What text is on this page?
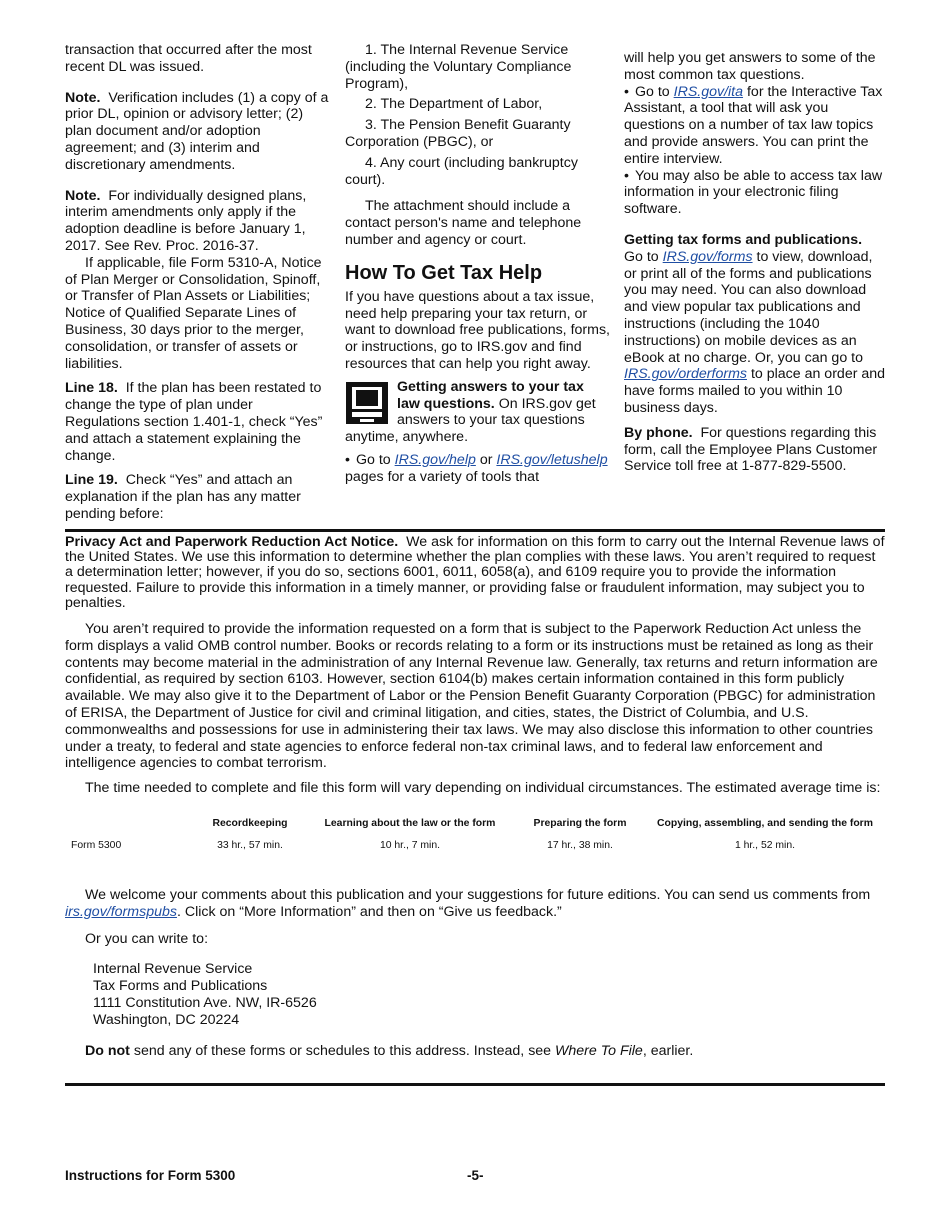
transaction that occurred after the most recent DL was issued.

Note. Verification includes (1) a copy of a prior DL, opinion or advisory letter; (2) plan document and/or adoption agreement; and (3) interim and discretionary amendments.

Note. For individually designed plans, interim amendments only apply if the adoption deadline is before January 1, 2017. See Rev. Proc. 2016-37.

If applicable, file Form 5310-A, Notice of Plan Merger or Consolidation, Spinoff, or Transfer of Plan Assets or Liabilities; Notice of Qualified Separate Lines of Business, 30 days prior to the merger, consolidation, or transfer of assets or liabilities.

Line 18. If the plan has been restated to change the type of plan under Regulations section 1.401-1, check “Yes” and attach a statement explaining the change.

Line 19. Check “Yes” and attach an explanation if the plan has any matter pending before:

1. The Internal Revenue Service (including the Voluntary Compliance Program),

2. The Department of Labor,

3. The Pension Benefit Guaranty Corporation (PBGC), or

4. Any court (including bankruptcy court).

The attachment should include a contact person's name and telephone number and agency or court.

How To Get Tax Help

If you have questions about a tax issue, need help preparing your tax return, or want to download free publications, forms, or instructions, go to IRS.gov and find resources that can help you right away.

Getting answers to your tax law questions. On IRS.gov get answers to your tax questions anytime, anywhere.

• Go to IRS.gov/help or IRS.gov/letushelp pages for a variety of tools that

will help you get answers to some of the most common tax questions.

• Go to IRS.gov/ita for the Interactive Tax Assistant, a tool that will ask you questions on a number of tax law topics and provide answers. You can print the entire interview.

• You may also be able to access tax law information in your electronic filing software.

Getting tax forms and publications.
Go to IRS.gov/forms to view, download, or print all of the forms and publications you may need. You can also download and view popular tax publications and instructions (including the 1040 instructions) on mobile devices as an eBook at no charge. Or, you can go to IRS.gov/orderforms to place an order and have forms mailed to you within 10 business days.

By phone. For questions regarding this form, call the Employee Plans Customer Service toll free at 1-877-829-5500.

Privacy Act and Paperwork Reduction Act Notice. We ask for information on this form to carry out the Internal Revenue laws of the United States. We use this information to determine whether the plan complies with these laws. You aren’t required to request a determination letter; however, if you do so, sections 6001, 6011, 6058(a), and 6109 require you to provide the information requested. Failure to provide this information in a timely manner, or providing false or fraudulent information, may subject you to penalties.

You aren’t required to provide the information requested on a form that is subject to the Paperwork Reduction Act unless the form displays a valid OMB control number. Books or records relating to a form or its instructions must be retained as long as their contents may become material in the administration of any Internal Revenue law. Generally, tax returns and return information are confidential, as required by section 6103. However, section 6104(b) makes certain information contained in this form publicly available. We may also give it to the Department of Labor or the Pension Benefit Guaranty Corporation (PBGC) for administration of ERISA, the Department of Justice for civil and criminal litigation, and cities, states, the District of Columbia, and U.S. commonwealths and possessions for use in administering their tax laws. We may also disclose this information to other countries under a treaty, to federal and state agencies to enforce federal non-tax criminal laws, and to federal law enforcement and intelligence agencies to combat terrorism.

The time needed to complete and file this form will vary depending on individual circumstances. The estimated average time is:

	Recordkeeping	Learning about the law or the form	Preparing the form	Copying, assembling, and sending the form
Form 5300	33 hr., 57 min.	10 hr., 7 min.	17 hr., 38 min.	1 hr., 52 min.

We welcome your comments about this publication and your suggestions for future editions. You can send us comments from irs.gov/formspubs. Click on “More Information” and then on “Give us feedback.”

Or you can write to:

Internal Revenue Service
Tax Forms and Publications
1111 Constitution Ave. NW, IR-6526
Washington, DC 20224

Do not send any of these forms or schedules to this address. Instead, see Where To File, earlier.

Instructions for Form 5300	-5-
